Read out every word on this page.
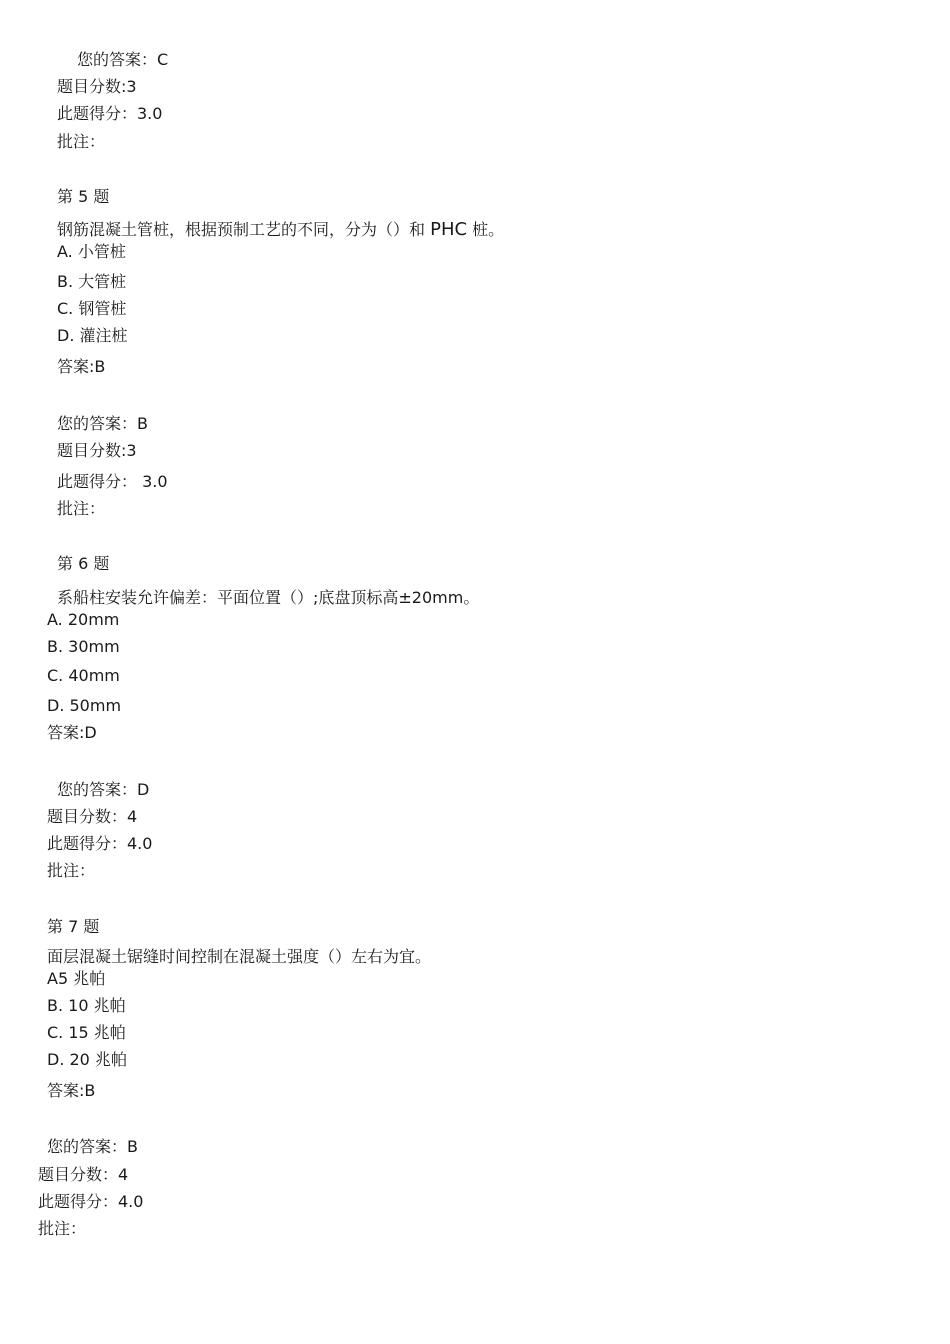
您的答案：C
题目分数:3
此题得分：3.0
批注：
第 5 题
钢筋混凝土管桩，根据预制工艺的不同，分为（）和 PHC 桩。
A. 小管桩
B. 大管桩
C. 钢管桩
D. 灌注桩
答案:B
您的答案：B
题目分数:3
此题得分： 3.0
批注：
第 6 题
系船柱安装允许偏差：平面位置（）;底盘顶标高±20mm。
A. 20mm
B. 30mm
C. 40mm
D. 50mm
答案:D
您的答案：D
题目分数：4
此题得分：4.0
批注：
第 7 题
面层混凝土锯缝时间控制在混凝土强度（）左右为宜。
A5 兆帕
B. 10 兆帕
C. 15 兆帕
D. 20 兆帕
答案:B
您的答案：B
题目分数：4
此题得分：4.0
批注：
